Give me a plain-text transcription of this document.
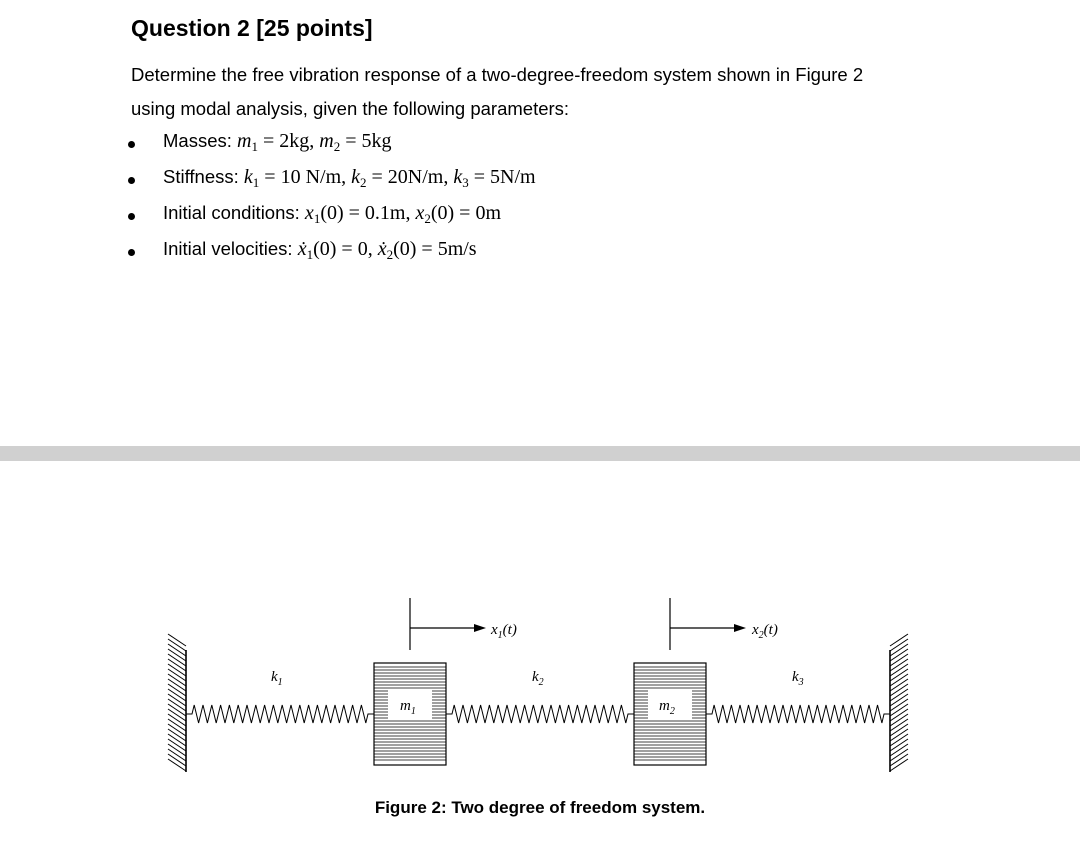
Question 2 [25 points]
Determine the free vibration response of a two-degree-freedom system shown in Figure 2
using modal analysis, given the following parameters:
Masses: $m_1 = 2kg$, $m_2 = 5kg$
Stiffness: $k_1 = 10$ N/m, $k_2 = 20N/m$, $k_3 = 5N/m$
Initial conditions: $x_1(0) = 0.1m$, $x_2(0) = 0m$
Initial velocities: ẋ$_1$(0) = 0, ẋ$_2$(0) = 5m/s
$x_1(t)$	$x_2(t)$
$k_1$	$k_2$	$k_3$
$m_1$	$m_2$
Figure 2: Two degree of freedom system.
